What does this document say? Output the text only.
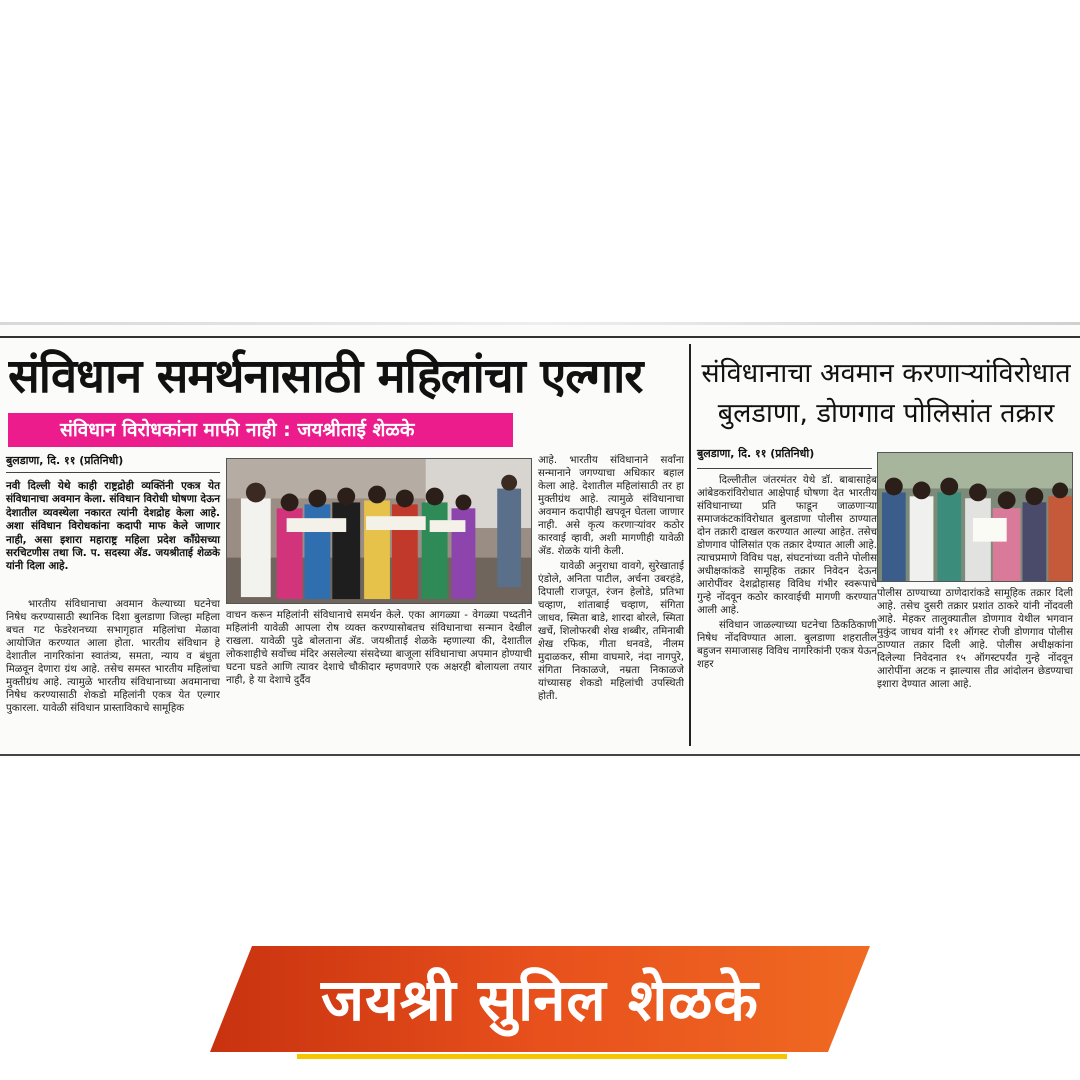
संविधान समर्थनासाठी महिलांचा एल्गार
संविधान विरोधकांना माफी नाही : जयश्रीताई शेळके
बुलडाणा, दि. ११ (प्रतिनिधी)
नवी दिल्ली येथे काही राष्ट्रद्रोही व्यक्तिंनी एकत्र येत संविधानाचा अवमान केला. संविधान विरोधी घोषणा देऊन देशातील व्यवस्थेला नकारत त्यांनी देशद्रोह केला आहे. अशा संविधान विरोधकांना कदापी माफ केले जाणार नाही, असा इशारा महाराष्ट्र महिला प्रदेश कॉंग्रेसच्या सरचिटणीस तथा जि. प. सदस्या ॲड. जयश्रीताई शेळके यांनी दिला आहे.

भारतीय संविधानाचा अवमान केल्याच्या घटनेचा निषेध करण्यासाठी स्थानिक दिशा बुलडाणा जिल्हा महिला बचत गट फेडरेशनच्या सभागृहात महिलांचा मेळावा आयोजित करण्यात आला होता. भारतीय संविधान हे देशातील नागरिकांना स्वातंत्र्य, समता, न्याय व बंधुता मिळवून देणारा ग्रंथ आहे. तसेच समस्त भारतीय महिलांचा मुक्तीग्रंथ आहे. त्यामुळे भारतीय संविधानाच्या अवमानाचा निषेध करण्यासाठी शेकडो महिलांनी एकत्र येत एल्गार पुकारला. यावेळी संविधान प्रास्ताविकाचे सामूहिक

वाचन करून महिलांनी संविधानाचे समर्थन केले. एका आगळ्या - वेगळ्या पध्दतीने महिलांनी यावेळी आपला रोष व्यक्त करण्यासोबतच संविधानाचा सन्मान देखील राखला. यावेळी पुढे बोलताना ॲड. जयश्रीताई शेळके म्हणाल्या की, देशातील लोकशाहीचे सर्वोच्च मंदिर असलेल्या संसदेच्या बाजूला संविधानाचा अपमान होण्याची घटना घडते आणि त्यावर देशाचे चौकीदार म्हणवणारे एक अक्षरही बोलायला तयार नाही, हे या देशाचे दुर्दैव

आहे. भारतीय संविधानाने सर्वांना सन्मानाने जगण्याचा अधिकार बहाल केला आहे. देशातील महिलांसाठी तर हा मुक्तीग्रंथ आहे. त्यामुळे संविधानाचा अवमान कदापीही खपवून घेतला जाणार नाही. असे कृत्य करणाऱ्यांवर कठोर कारवाई व्हावी, अशी मागणीही यावेळी ॲड. शेळके यांनी केली.

यावेळी अनुराधा वावगे, सुरेखाताई एंडोले, अनिता पाटील, अर्चना उबरहंडे, दिपाली राजपूत, रंजन हेलोडे, प्रतिभा चव्हाण, शांताबाई चव्हाण, संगिता जाधव, स्मिता बाडे, शारदा बोरले, स्मिता खर्चे, शिलोफरबी शेख शब्बीर, तमिनाबी शेख रफिक, गीता धनवडे, नीलम मुदाळकर, सीमा वाघमारे, नंदा नागपुरे, संगिता निकाळजे, नम्रता निकाळजे यांच्यासह शेकडो महिलांची उपस्थिती होती.

संविधानाचा अवमान करणाऱ्यांविरोधात
बुलडाणा, डोणगाव पोलिसांत तक्रार
बुलडाणा, दि. ११ (प्रतिनिधी)

दिल्लीतील जंतरमंतर येथे डॉ. बाबासाहेब आंबेडकरांविरोधात आक्षेपार्ह घोषणा देत भारतीय संविधानाच्या प्रति फाडून जाळणाऱ्या समाजकंटकांविरोधात बुलडाणा पोलीस ठाण्यात दोन तक्रारी दाखल करण्यात आल्या आहेत. तसेच डोणगाव पोलिसांत एक तक्रार देण्यात आली आहे. त्याचप्रमाणे विविध पक्ष, संघटनांच्या वतीने पोलीस अधीक्षकांकडे सामूहिक तक्रार निवेदन देऊन आरोपींवर देशद्रोहासह विविध गंभीर स्वरूपाचे गुन्हे नोंदवून कठोर कारवाईची मागणी करण्यात आली आहे.

संविधान जाळल्याच्या घटनेचा ठिकठिकाणी निषेध नोंदविण्यात आला. बुलडाणा शहरातील बहुजन समाजासह विविध नागरिकांनी एकत्र येऊन शहर

पोलीस ठाण्याच्या ठाणेदारांकडे सामूहिक तक्रार दिली आहे. तसेच दुसरी तक्रार प्रशांत ठाकरे यांनी नोंदवली आहे. मेहकर तालुक्यातील डोणगाव येथील भगवान मुकुंद जाधव यांनी ११ ऑगस्ट रोजी डोणगाव पोलीस ठाण्यात तक्रार दिली आहे. पोलीस अधीक्षकांना दिलेल्या निवेदनात १५ ऑगस्टपर्यंत गुन्हे नोंदवून आरोपींना अटक न झाल्यास तीव्र आंदोलन छेडण्याचा इशारा देण्यात आला आहे.

जयश्री सुनिल शेळके
